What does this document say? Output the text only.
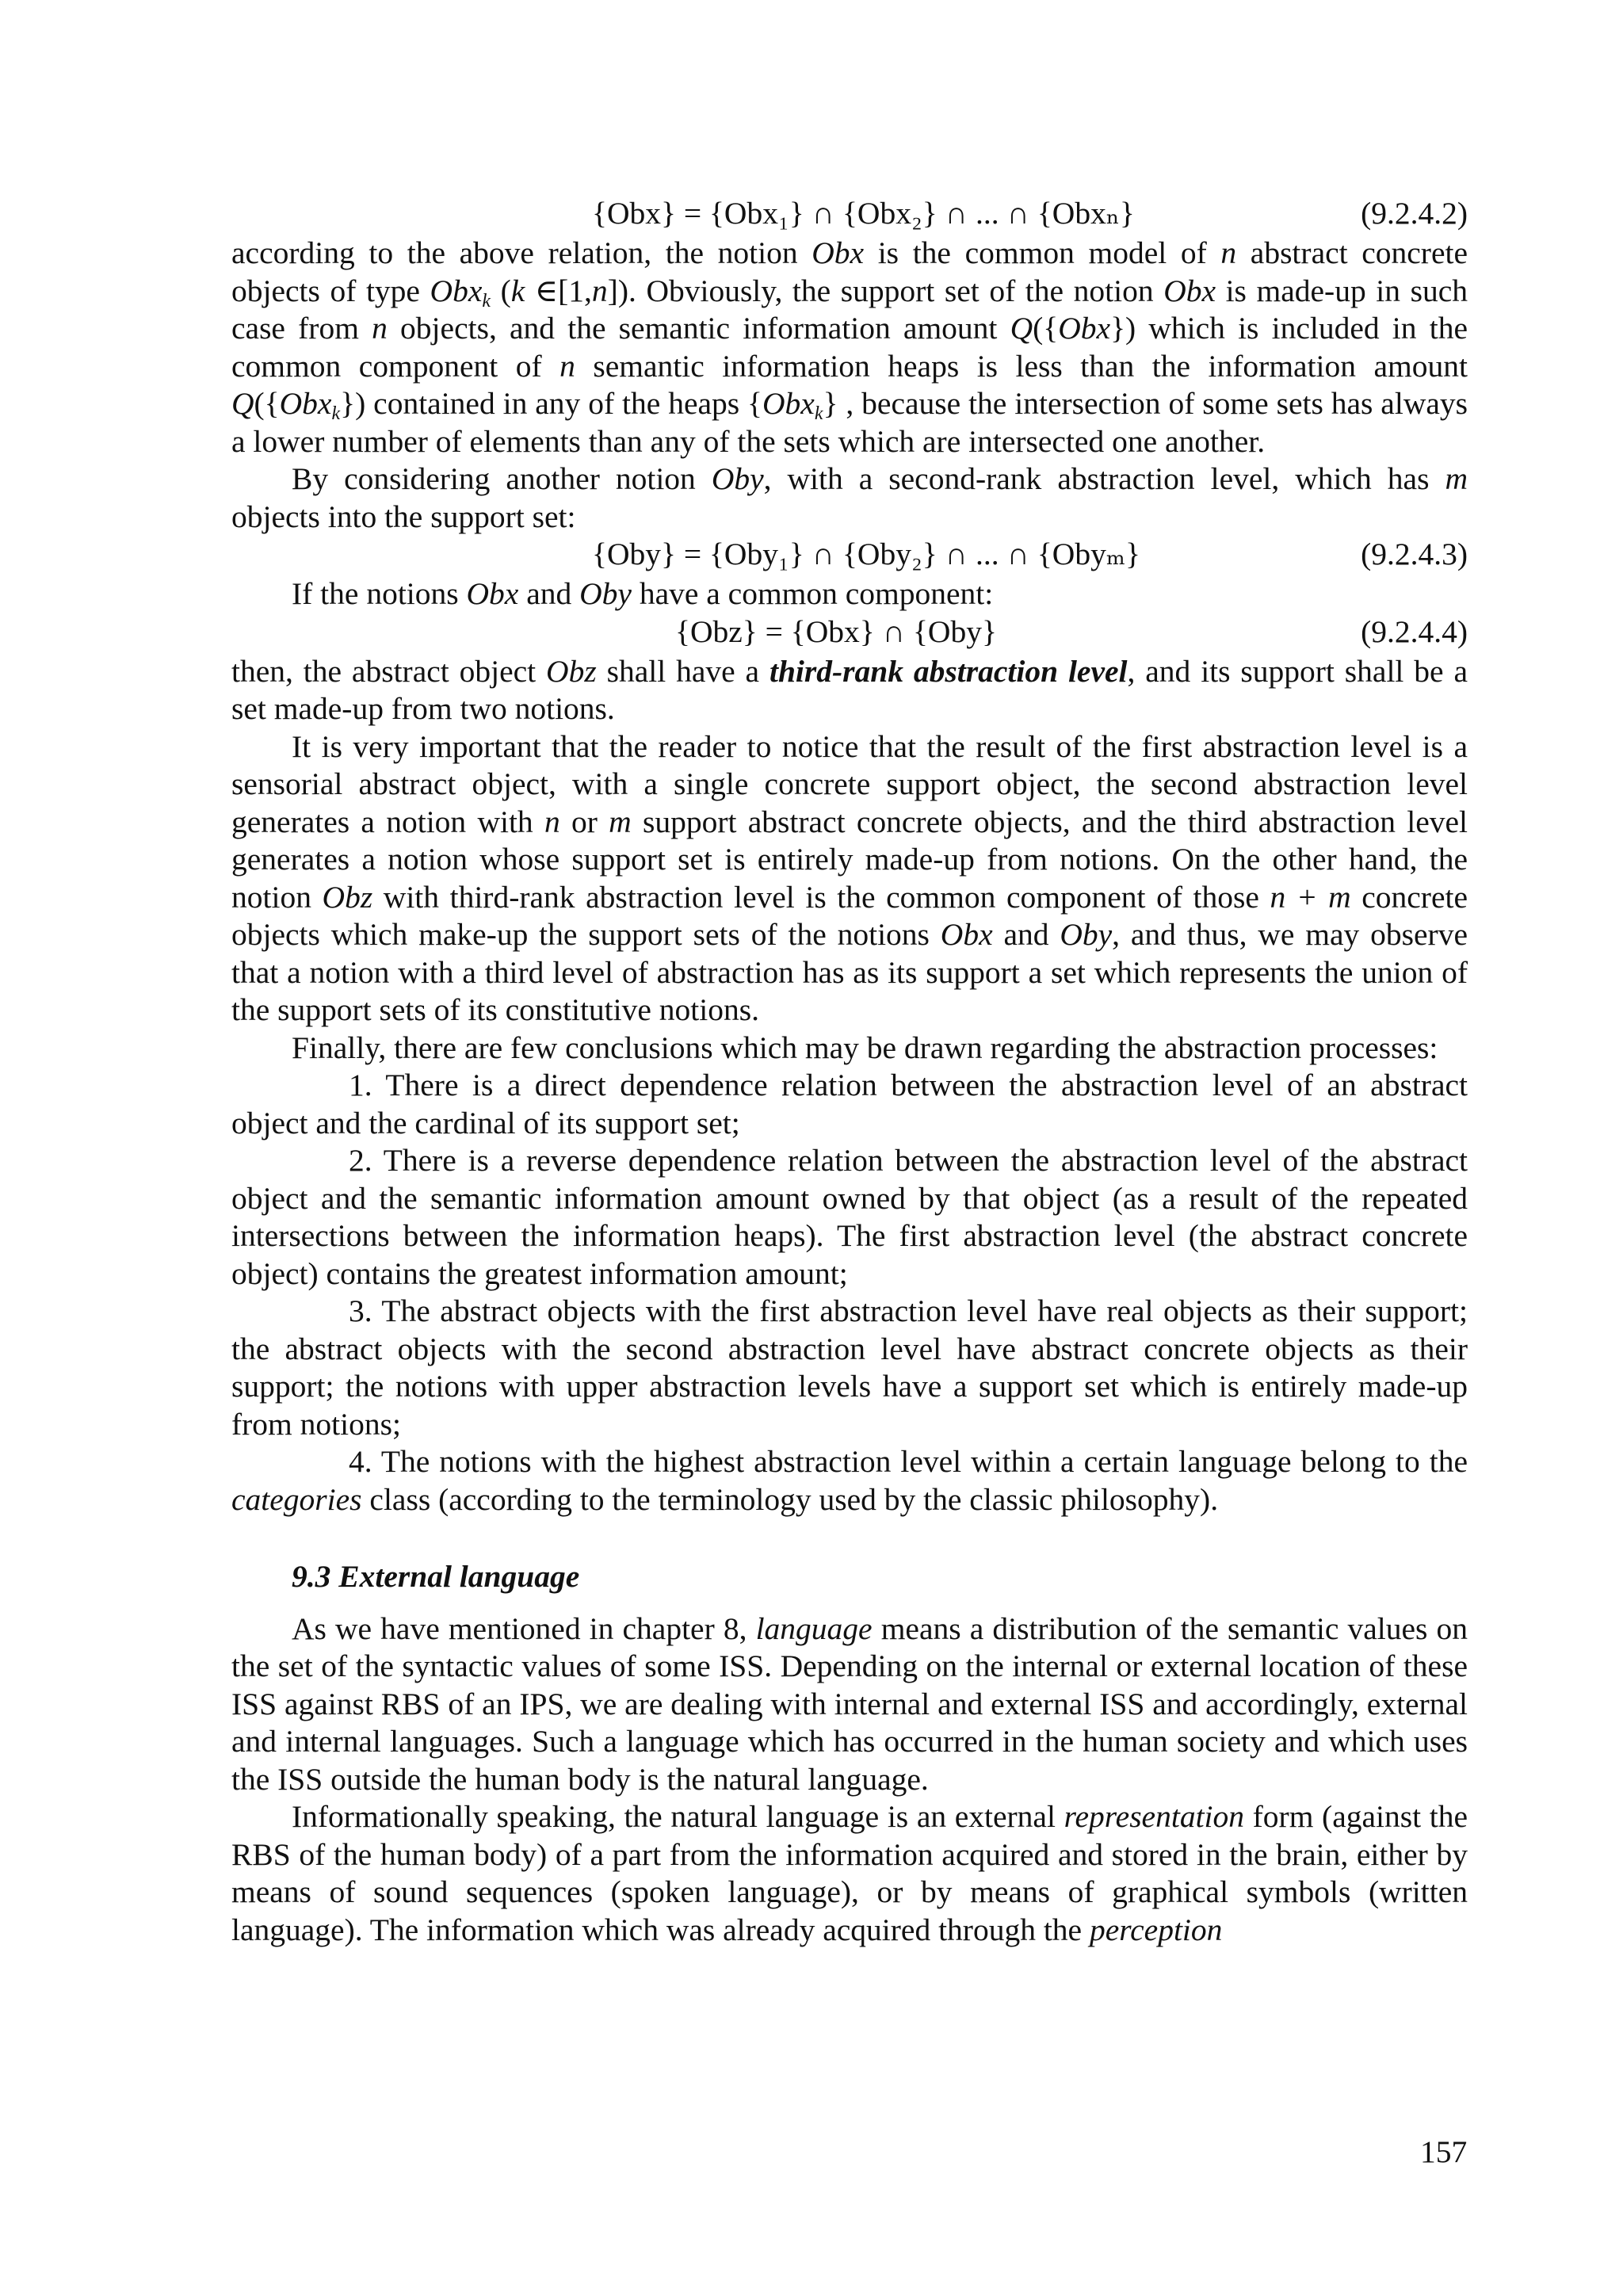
{Obx} = {Obx₁} ∩ {Obx₂} ∩ ... ∩ {Obxₙ}	(9.2.4.2)

according to the above relation, the notion Obx is the common model of n abstract concrete objects of type Obx$_k$ (k ∈[1,n]). Obviously, the support set of the notion Obx is made-up in such case from n objects, and the semantic information amount Q({Obx}) which is included in the common component of n semantic information heaps is less than the information amount Q({Obx$_k$}) contained in any of the heaps {Obx$_k$} , because the intersection of some sets has always a lower number of elements than any of the sets which are intersected one another.

By considering another notion Oby, with a second-rank abstraction level, which has m objects into the support set:

{Oby} = {Oby₁} ∩ {Oby₂} ∩ ... ∩ {Obyₘ}	(9.2.4.3)

If the notions Obx and Oby have a common component:

{Obz} = {Obx} ∩ {Oby}	(9.2.4.4)

then, the abstract object Obz shall have a third-rank abstraction level, and its support shall be a set made-up from two notions.

It is very important that the reader to notice that the result of the first abstraction level is a sensorial abstract object, with a single concrete support object, the second abstraction level generates a notion with n or m support abstract concrete objects, and the third abstraction level generates a notion whose support set is entirely made-up from notions. On the other hand, the notion Obz with third-rank abstraction level is the common component of those n + m concrete objects which make-up the support sets of the notions Obx and Oby, and thus, we may observe that a notion with a third level of abstraction has as its support a set which represents the union of the support sets of its constitutive notions.

Finally, there are few conclusions which may be drawn regarding the abstraction processes:

1. There is a direct dependence relation between the abstraction level of an abstract object and the cardinal of its support set;

2. There is a reverse dependence relation between the abstraction level of the abstract object and the semantic information amount owned by that object (as a result of the repeated intersections between the information heaps). The first abstraction level (the abstract concrete object) contains the greatest information amount;

3. The abstract objects with the first abstraction level have real objects as their support; the abstract objects with the second abstraction level have abstract concrete objects as their support; the notions with upper abstraction levels have a support set which is entirely made-up from notions;

4. The notions with the highest abstraction level within a certain language belong to the categories class (according to the terminology used by the classic philosophy).

9.3 External language

As we have mentioned in chapter 8, language means a distribution of the semantic values on the set of the syntactic values of some ISS. Depending on the internal or external location of these ISS against RBS of an IPS, we are dealing with internal and external ISS and accordingly, external and internal languages. Such a language which has occurred in the human society and which uses the ISS outside the human body is the natural language.

Informationally speaking, the natural language is an external representation form (against the RBS of the human body) of a part from the information acquired and stored in the brain, either by means of sound sequences (spoken language), or by means of graphical symbols (written language). The information which was already acquired through the perception

157
